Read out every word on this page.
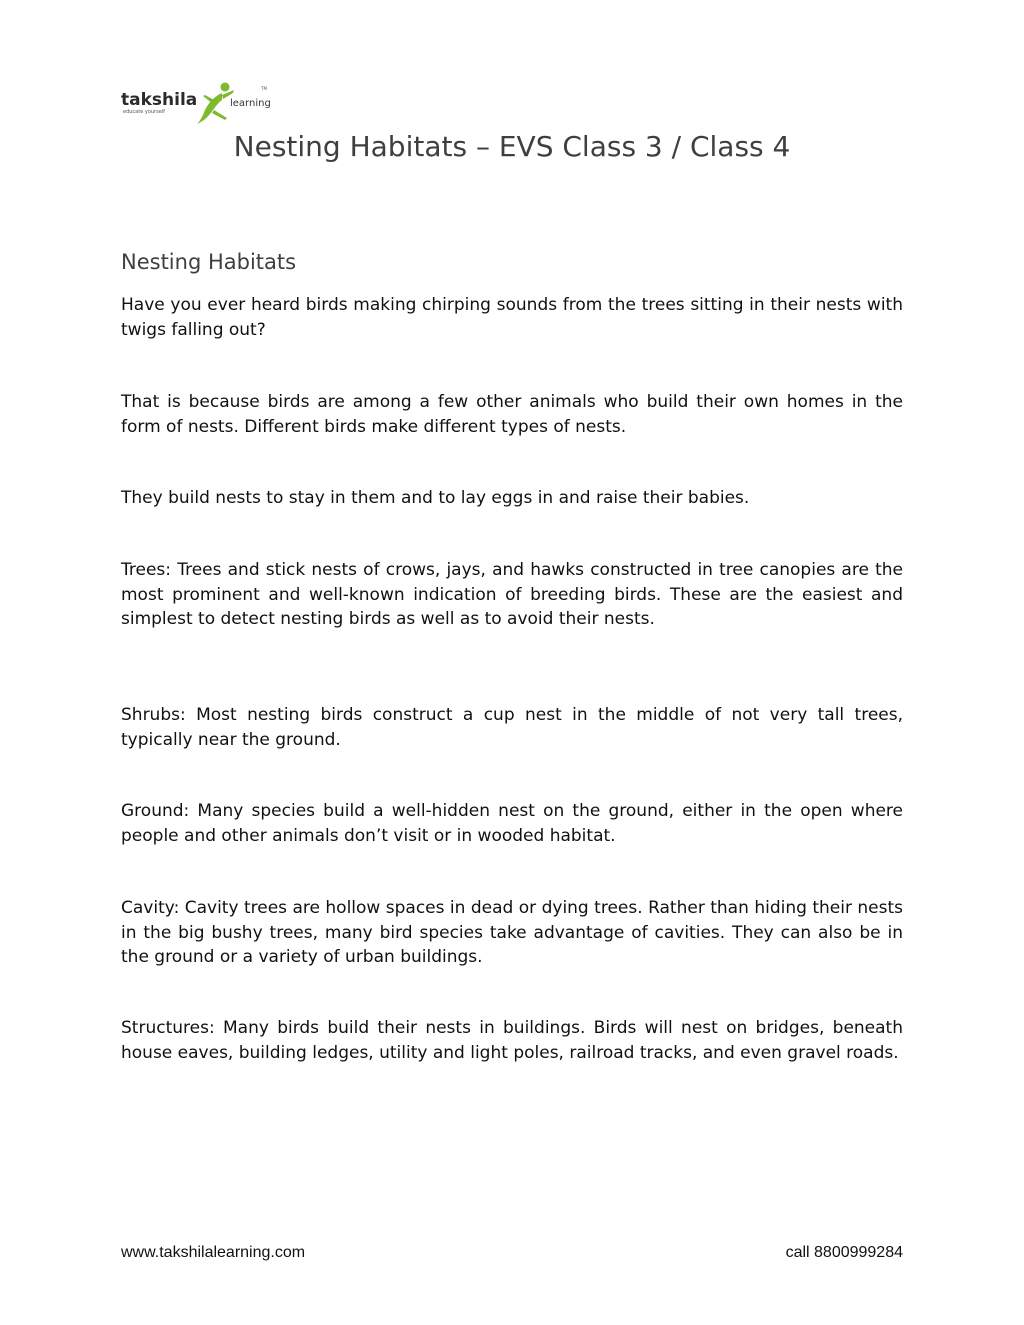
takshila	learning
educate yourself
TM
Nesting Habitats – EVS Class 3 / Class 4
Nesting Habitats

Have you ever heard birds making chirping sounds from the trees sitting in their nests with twigs falling out?

That is because birds are among a few other animals who build their own homes in the form of nests. Different birds make different types of nests.

They build nests to stay in them and to lay eggs in and raise their babies.

Trees: Trees and stick nests of crows, jays, and hawks constructed in tree canopies are the most prominent and well-known indication of breeding birds. These are the easiest and simplest to detect nesting birds as well as to avoid their nests.

Shrubs: Most nesting birds construct a cup nest in the middle of not very tall trees, typically near the ground.

Ground: Many species build a well-hidden nest on the ground, either in the open where people and other animals don’t visit or in wooded habitat.

Cavity: Cavity trees are hollow spaces in dead or dying trees. Rather than hiding their nests in the big bushy trees, many bird species take advantage of cavities. They can also be in the ground or a variety of urban buildings.

Structures: Many birds build their nests in buildings. Birds will nest on bridges, beneath house eaves, building ledges, utility and light poles, railroad tracks, and even gravel roads.

www.takshilalearning.com	call 8800999284
